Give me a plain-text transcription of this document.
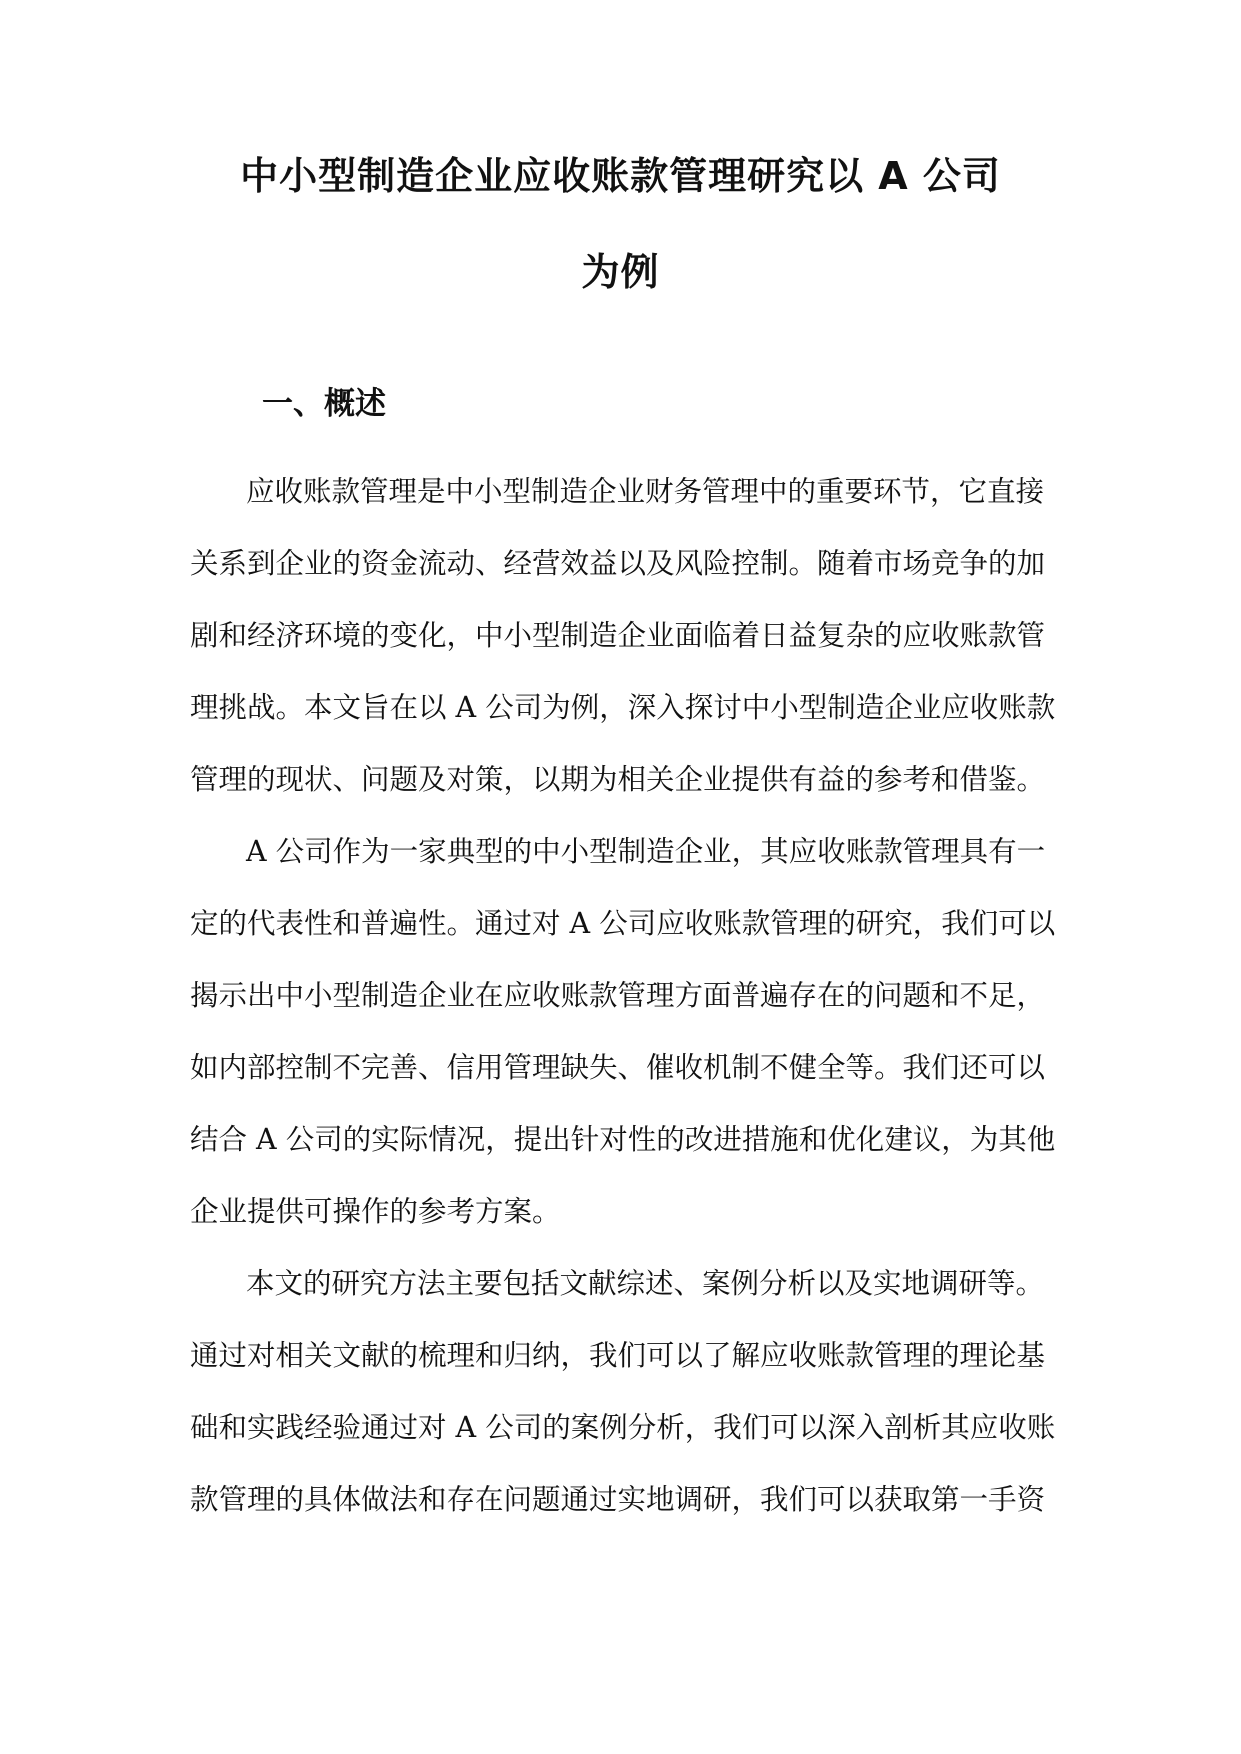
中小型制造企业应收账款管理研究以 A 公司
为例
一、概述

应收账款管理是中小型制造企业财务管理中的重要环节，它直接

关系到企业的资金流动、经营效益以及风险控制。随着市场竞争的加

剧和经济环境的变化，中小型制造企业面临着日益复杂的应收账款管

理挑战。本文旨在以 A 公司为例，深入探讨中小型制造企业应收账款

管理的现状、问题及对策，以期为相关企业提供有益的参考和借鉴。

A 公司作为一家典型的中小型制造企业，其应收账款管理具有一

定的代表性和普遍性。通过对 A 公司应收账款管理的研究，我们可以

揭示出中小型制造企业在应收账款管理方面普遍存在的问题和不足，

如内部控制不完善、信用管理缺失、催收机制不健全等。我们还可以

结合 A 公司的实际情况，提出针对性的改进措施和优化建议，为其他

企业提供可操作的参考方案。

本文的研究方法主要包括文献综述、案例分析以及实地调研等。

通过对相关文献的梳理和归纳，我们可以了解应收账款管理的理论基

础和实践经验通过对 A 公司的案例分析，我们可以深入剖析其应收账

款管理的具体做法和存在问题通过实地调研，我们可以获取第一手资
